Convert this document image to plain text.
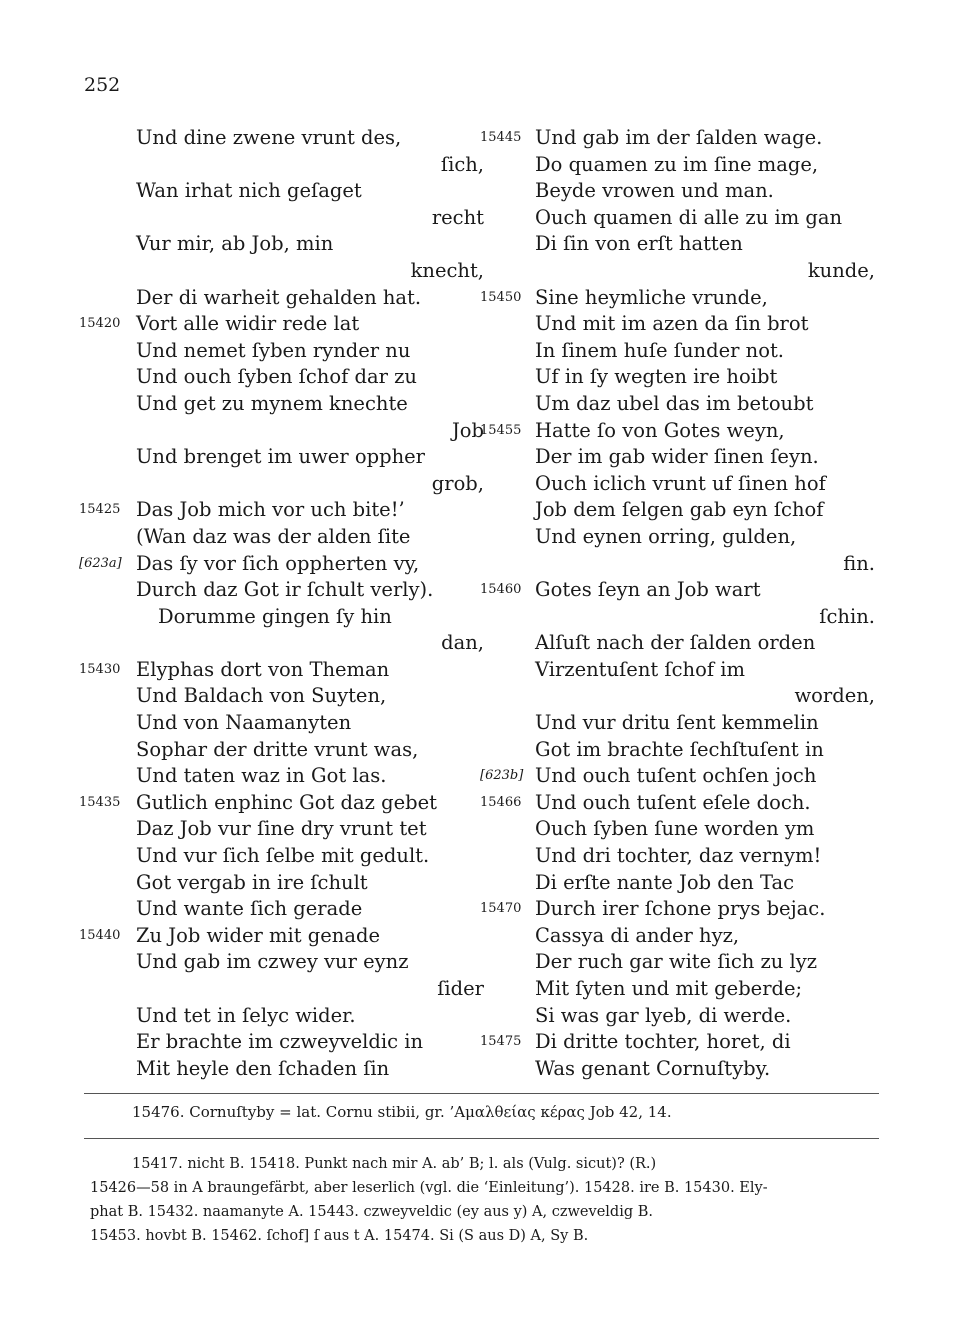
252
Und dine zwene vrunt des,
ſich,
Wan irhat nich geſaget
recht
Vur mir, ab Job, min
knecht,
Der di warheit gehalden hat.
15420 Vort alle widir rede lat
Und nemet ſyben rynder nu
Und ouch ſyben ſchof dar zu
Und get zu mynem knechte
Job
Und brenget im uwer oppher
grob,
15425 Das Job mich vor uch bite!’
(Wan daz was der alden ſite
[623a] Das ſy vor ſich oppherten vy,
Durch daz Got ir ſchult verly).
Dorumme gingen ſy hin
dan,
15430 Elyphas dort von Theman
Und Baldach von Suyten,
Und von Naamanyten
Sophar der dritte vrunt was,
Und taten waz in Got las.
15435 Gutlich enphinc Got daz gebet
Daz Job vur ſine dry vrunt tet
Und vur ſich ſelbe mit gedult.
Got vergab in ire ſchult
Und wante ſich gerade
15440 Zu Job wider mit genade
Und gab im czwey vur eynz
ſider
Und tet in ſelyc wider.
Er brachte im czweyveldic in
Mit heyle den ſchaden ſin
15445 Und gab im der ſalden wage.
Do quamen zu im ſine mage,
Beyde vrowen und man.
Ouch quamen di alle zu im gan
Di ſin von erſt hatten
kunde,
15450 Sine heymliche vrunde,
Und mit im azen da ſin brot
In ſinem huſe ſunder not.
Uf in ſy wegten ire hoibt
Um daz ubel das im betoubt
15455 Hatte ſo von Gotes weyn,
Der im gab wider ſinen ſeyn.
Ouch iclich vrunt uf ſinen hof
Job dem ſelgen gab eyn ſchof
Und eynen orring, gulden,
fin.
15460 Gotes ſeyn an Job wart
ſchin.
Alſuſt nach der ſalden orden
Virzentuſent ſchof im
worden,
Und vur dritu ſent kemmelin
Got im brachte ſechſtuſent in
[623b] Und ouch tuſent ochſen joch
15466 Und ouch tuſent eſele doch.
Ouch ſyben ſune worden ym
Und dri tochter, daz vernym!
Di erſte nante Job den Tac
15470 Durch irer ſchone prys bejac.
Cassya di ander hyz,
Der ruch gar wite ſich zu lyz
Mit ſyten und mit geberde;
Si was gar lyeb, di werde.
15475 Di dritte tochter, horet, di
Was genant Cornuſtyby.
15476. Cornuſtyby = lat. Cornu stibii, gr. ’Αμαλθείας κέρας Job 42, 14.
15417. nicht B. 15418. Punkt nach mir A. ab’ B; l. als (Vulg. sicut)? (R.)
15426—58 in A braungefärbt, aber leserlich (vgl. die ‘Einleitung’). 15428. ire B. 15430. Ely-
phat B. 15432. naamanyte A. 15443. czweyveldic (ey aus y) A, czweveldig B.
15453. hovbt B. 15462. ſchof] ſ aus t A. 15474. Si (S aus D) A, Sy B.
